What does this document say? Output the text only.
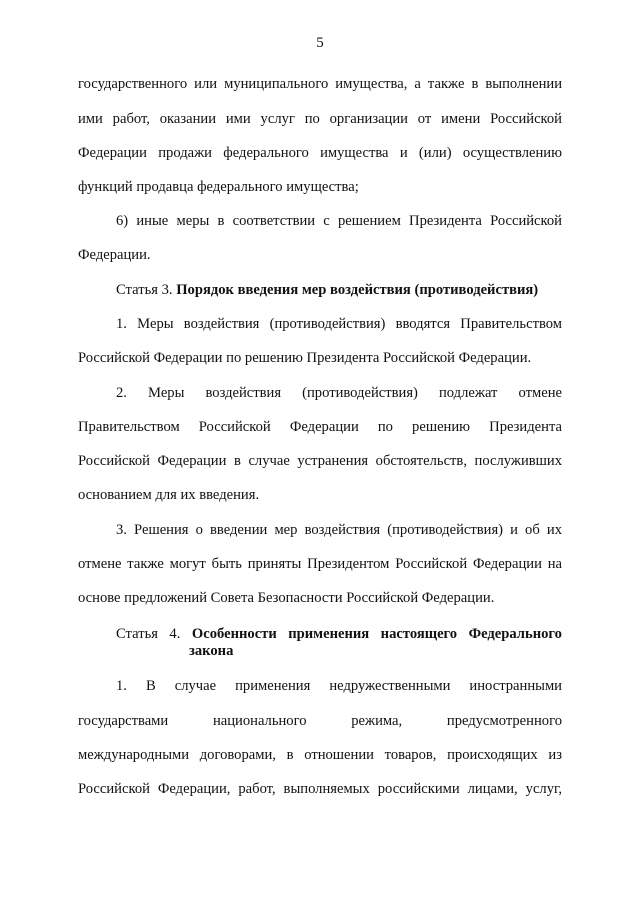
5
государственного или муниципального имущества, а также в выполнении
ими работ, оказании ими услуг по организации от имени Российской
Федерации продажи федерального имущества и (или) осуществлению
функций продавца федерального имущества;
6) иные меры в соответствии с решением Президента Российской
Федерации.
Статья 3. Порядок введения мер воздействия (противодействия)
1. Меры воздействия (противодействия) вводятся Правительством
Российской Федерации по решению Президента Российской Федерации.
2. Меры воздействия (противодействия) подлежат отмене
Правительством Российской Федерации по решению Президента
Российской Федерации в случае устранения обстоятельств, послуживших
основанием для их введения.
3. Решения о введении мер воздействия (противодействия) и об их
отмене также могут быть приняты Президентом Российской Федерации на
основе предложений Совета Безопасности Российской Федерации.
Статья 4. Особенности применения настоящего Федерального
закона
1. В случае применения недружественными иностранными
государствами национального режима, предусмотренного
международными договорами, в отношении товаров, происходящих из
Российской Федерации, работ, выполняемых российскими лицами, услуг,
